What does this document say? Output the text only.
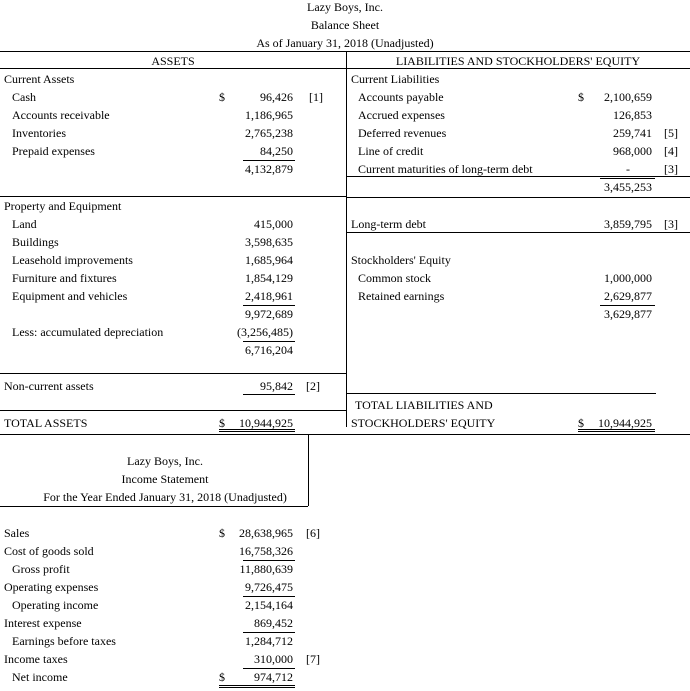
Lazy Boys, Inc.
Balance Sheet
As of January 31, 2018 (Unadjusted)
ASSETS	LIABILITIES AND STOCKHOLDERS' EQUITY
Current Assets
$
Cash	96,426 [1]
Accounts receivable	1,186,965
Inventories	2,765,238
Prepaid expenses	84,250
4,132,879
Current Liabilities
$
Accounts payable	2,100,659
Accrued expenses	126,853
Deferred revenues	259,741 [5]
Line of credit	968,000 [4]
Current maturities of long-term debt	-	[3]
3,455,253
Property and Equipment
Land	415,000
Buildings	3,598,635
Leasehold improvements	1,685,964
Furniture and fixtures	1,854,129
Equipment and vehicles	2,418,961
9,972,689
Less: accumulated depreciation	(3,256,485)
6,716,204
Long-term debt	3,859,795 [3]
Stockholders' Equity
Common stock	1,000,000
Retained earnings	2,629,877
3,629,877
Non-current assets	95,842 [2]
TOTAL LIABILITIES AND
STOCKHOLDERS' EQUITY	$	10,944,925
TOTAL ASSETS	$	10,944,925
Lazy Boys, Inc.
Income Statement
For the Year Ended January 31, 2018 (Unadjusted)
Sales	$	28,638,965 [6]
Cost of goods sold	16,758,326
Gross profit	11,880,639
Operating expenses	9,726,475
Operating income	2,154,164
Interest expense	869,452
Earnings before taxes	1,284,712
Income taxes	310,000 [7]
Net income	$	974,712
